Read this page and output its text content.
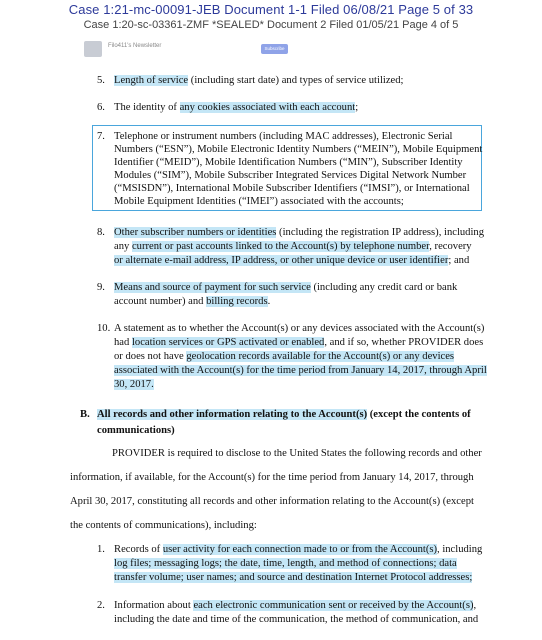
Case 1:21-mc-00091-JEB Document 1-1 Filed 06/08/21 Page 5 of 33
Case 1:20-sc-03361-ZMF *SEALED* Document 2 Filed 01/05/21 Page 4 of 5
Filo411's Newsletter	Subscribe
5. Length of service (including start date) and types of service utilized;
6. The identity of any cookies associated with each account;
7. Telephone or instrument numbers (including MAC addresses), Electronic Serial
Numbers (“ESN”), Mobile Electronic Identity Numbers (“MEIN”), Mobile Equipment
Identifier (“MEID”), Mobile Identification Numbers (“MIN”), Subscriber Identity
Modules (“SIM”), Mobile Subscriber Integrated Services Digital Network Number
(“MSISDN”), International Mobile Subscriber Identifiers (“IMSI”), or International
Mobile Equipment Identities (“IMEI”) associated with the accounts;
8. Other subscriber numbers or identities (including the registration IP address), including
any current or past accounts linked to the Account(s) by telephone number, recovery
or alternate e-mail address, IP address, or other unique device or user identifier; and
9. Means and source of payment for such service (including any credit card or bank
account number) and billing records.
10. A statement as to whether the Account(s) or any devices associated with the Account(s)
had location services or GPS activated or enabled, and if so, whether PROVIDER does
or does not have geolocation records available for the Account(s) or any devices
associated with the Account(s) for the time period from January 14, 2017, through April
30, 2017.
B. All records and other information relating to the Account(s) (except the contents of
communications)
PROVIDER is required to disclose to the United States the following records and other
information, if available, for the Account(s) for the time period from January 14, 2017, through
April 30, 2017, constituting all records and other information relating to the Account(s) (except
the contents of communications), including:
1. Records of user activity for each connection made to or from the Account(s), including
log files; messaging logs; the date, time, length, and method of connections; data
transfer volume; user names; and source and destination Internet Protocol addresses;
2. Information about each electronic communication sent or received by the Account(s),
including the date and time of the communication, the method of communication, and
